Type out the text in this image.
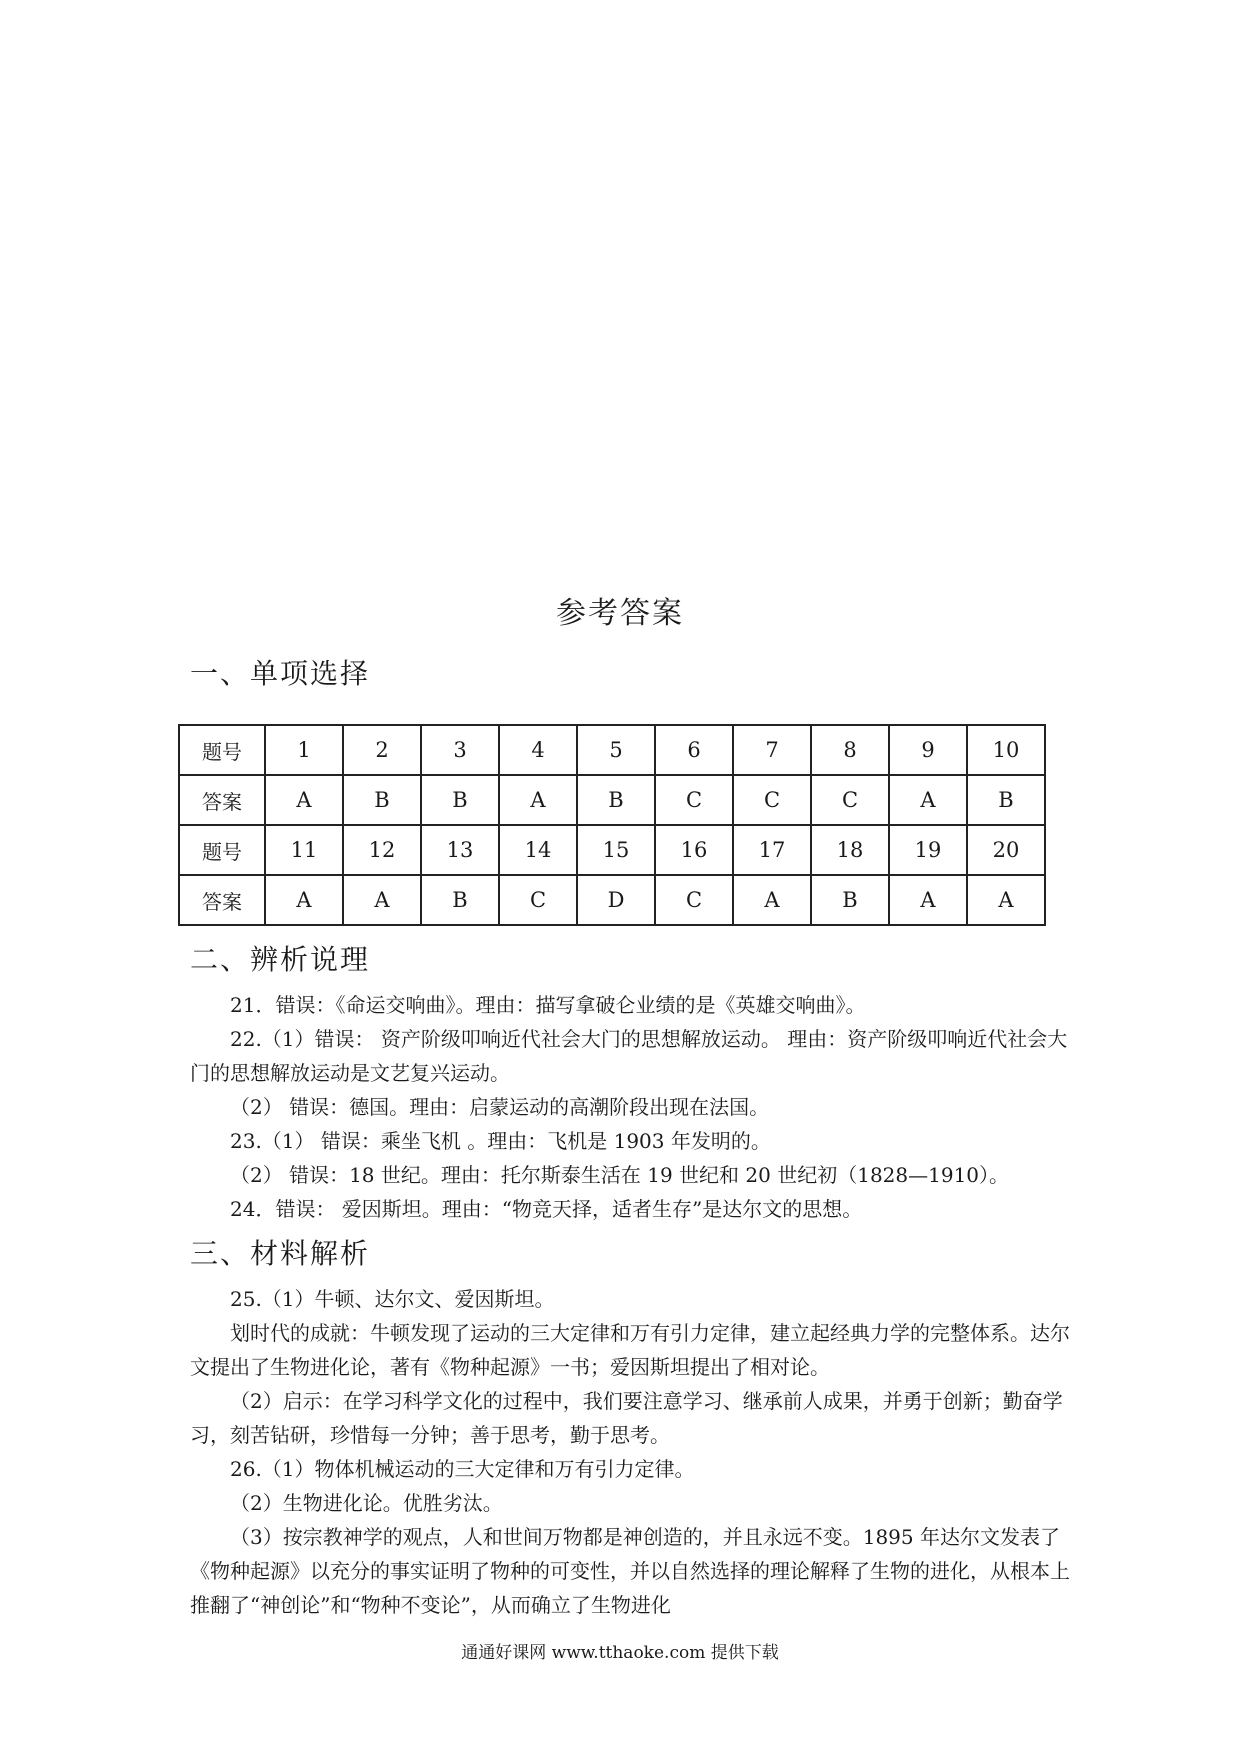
参考答案
一、单项选择
题号	1	2	3	4	5	6	7	8	9	10
答案	A	B	B	A	B	C	C	C	A	B
题号	11	12	13	14	15	16	17	18	19	20
答案	A	A	B	C	D	C	A	B	A	A
二、辨析说理

21．错误：《命运交响曲》。理由：描写拿破仑业绩的是《英雄交响曲》。

22.（1）错误： 资产阶级叩响近代社会大门的思想解放运动。 理由：资产阶级叩响近代社会大门的思想解放运动是文艺复兴运动。

（2） 错误：德国。理由：启蒙运动的高潮阶段出现在法国。

23.（1） 错误：乘坐飞机 。理由：飞机是 1903 年发明的。

（2） 错误：18 世纪。理由：托尔斯泰生活在 19 世纪和 20 世纪初（1828—1910）。

24．错误： 爱因斯坦。理由：“物竞天择，适者生存”是达尔文的思想。

三、材料解析

25.（1）牛顿、达尔文、爱因斯坦。

划时代的成就：牛顿发现了运动的三大定律和万有引力定律，建立起经典力学的完整体系。达尔文提出了生物进化论，著有《物种起源》一书；爱因斯坦提出了相对论。

（2）启示：在学习科学文化的过程中，我们要注意学习、继承前人成果，并勇于创新；勤奋学习，刻苦钻研，珍惜每一分钟；善于思考，勤于思考。

26.（1）物体机械运动的三大定律和万有引力定律。

（2）生物进化论。优胜劣汰。

（3）按宗教神学的观点，人和世间万物都是神创造的，并且永远不变。1895 年达尔文发表了《物种起源》以充分的事实证明了物种的可变性，并以自然选择的理论解释了生物的进化，从根本上推翻了“神创论”和“物种不变论”，从而确立了生物进化

通通好课网 www.tthaoke.com 提供下载
